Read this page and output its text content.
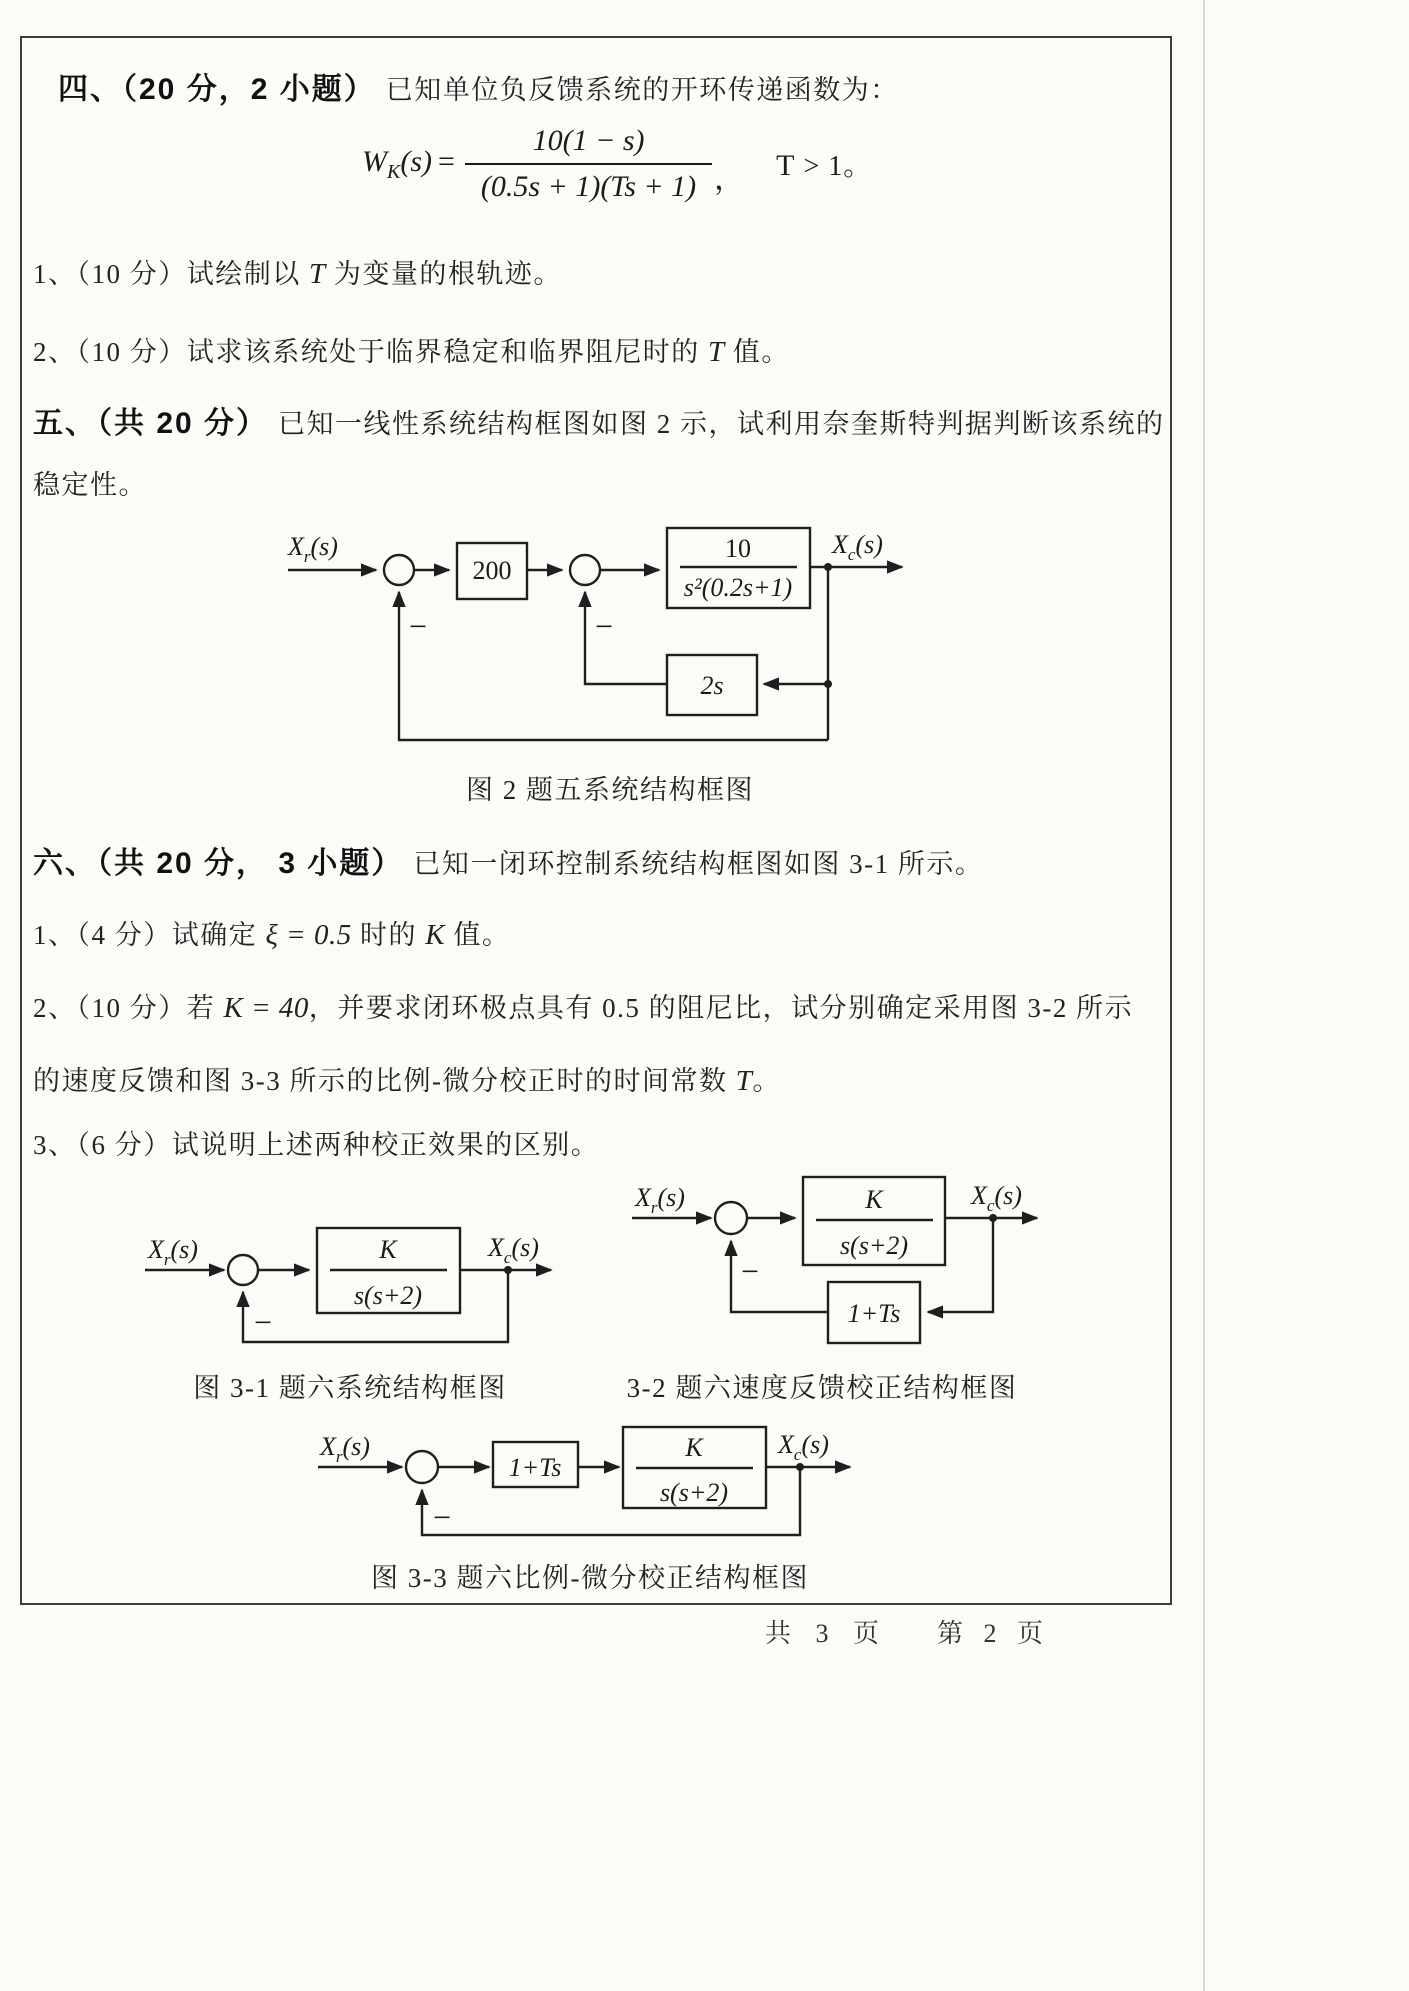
四、（20 分，2 小题） 已知单位负反馈系统的开环传递函数为：
$W_K(s) = \frac{10(1 - s)}{(0.5s + 1)(Ts + 1)}$ ， T > 1。
1、（10 分）试绘制以 T 为变量的根轨迹。
2、（10 分）试求该系统处于临界稳定和临界阻尼时的 T 值。
五、（共 20 分） 已知一线性系统结构框图如图 2 示，试利用奈奎斯特判据判断该系统的
稳定性。
$X_r(s)$
200
10
s²(0.2s+1)
$X_c(s)$
2s
−
−
图 2 题五系统结构框图
六、（共 20 分， 3 小题） 已知一闭环控制系统结构框图如图 3-1 所示。
1、（4 分）试确定 ξ = 0.5 时的 K 值。
2、（10 分）若 K = 40，并要求闭环极点具有 0.5 的阻尼比，试分别确定采用图 3-2 所示
的速度反馈和图 3-3 所示的比例-微分校正时的时间常数 T。
3、（6 分）试说明上述两种校正效果的区别。
$X_r(s)$	K
s(s+2)
$X_c(s)$
−
图 3-1 题六系统结构框图
$X_r(s)$	K
s(s+2)
$X_c(s)$
1+Ts
−
3-2 题六速度反馈校正结构框图
$X_r(s)$
1+Ts
K
s(s+2)
$X_c(s)$
−
图 3-3 题六比例-微分校正结构框图
共 3 页 第 2 页
